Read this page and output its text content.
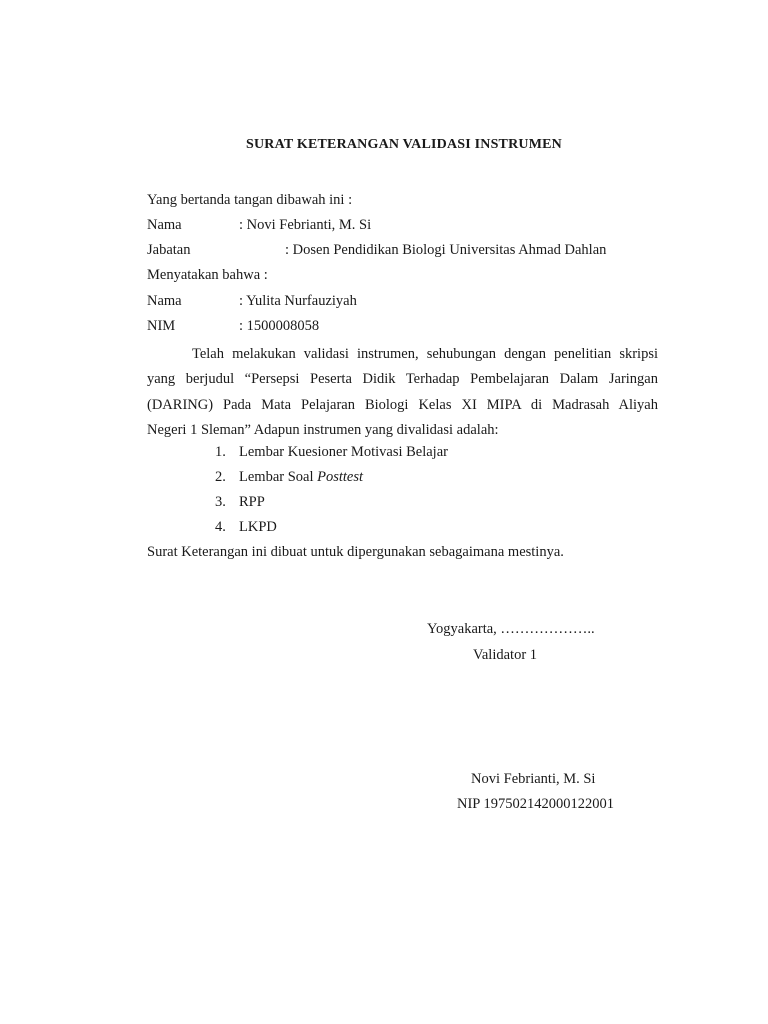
SURAT KETERANGAN VALIDASI INSTRUMEN
Yang bertanda tangan dibawah ini :
Nama	: Novi Febrianti, M. Si
Jabatan	: Dosen Pendidikan Biologi Universitas Ahmad Dahlan
Menyatakan bahwa :
Nama	: Yulita Nurfauziyah
NIM	: 1500008058
Telah melakukan validasi instrumen, sehubungan dengan penelitian skripsi
yang berjudul “Persepsi Peserta Didik Terhadap Pembelajaran Dalam Jaringan
(DARING) Pada Mata Pelajaran Biologi Kelas XI MIPA di Madrasah Aliyah
Negeri 1 Sleman” Adapun instrumen yang divalidasi adalah:
1. Lembar Kuesioner Motivasi Belajar
2. Lembar Soal Posttest
3. RPP
4. LKPD
Surat Keterangan ini dibuat untuk dipergunakan sebagaimana mestinya.
Yogyakarta, ………………..
Validator 1
Novi Febrianti, M. Si
NIP 197502142000122001
